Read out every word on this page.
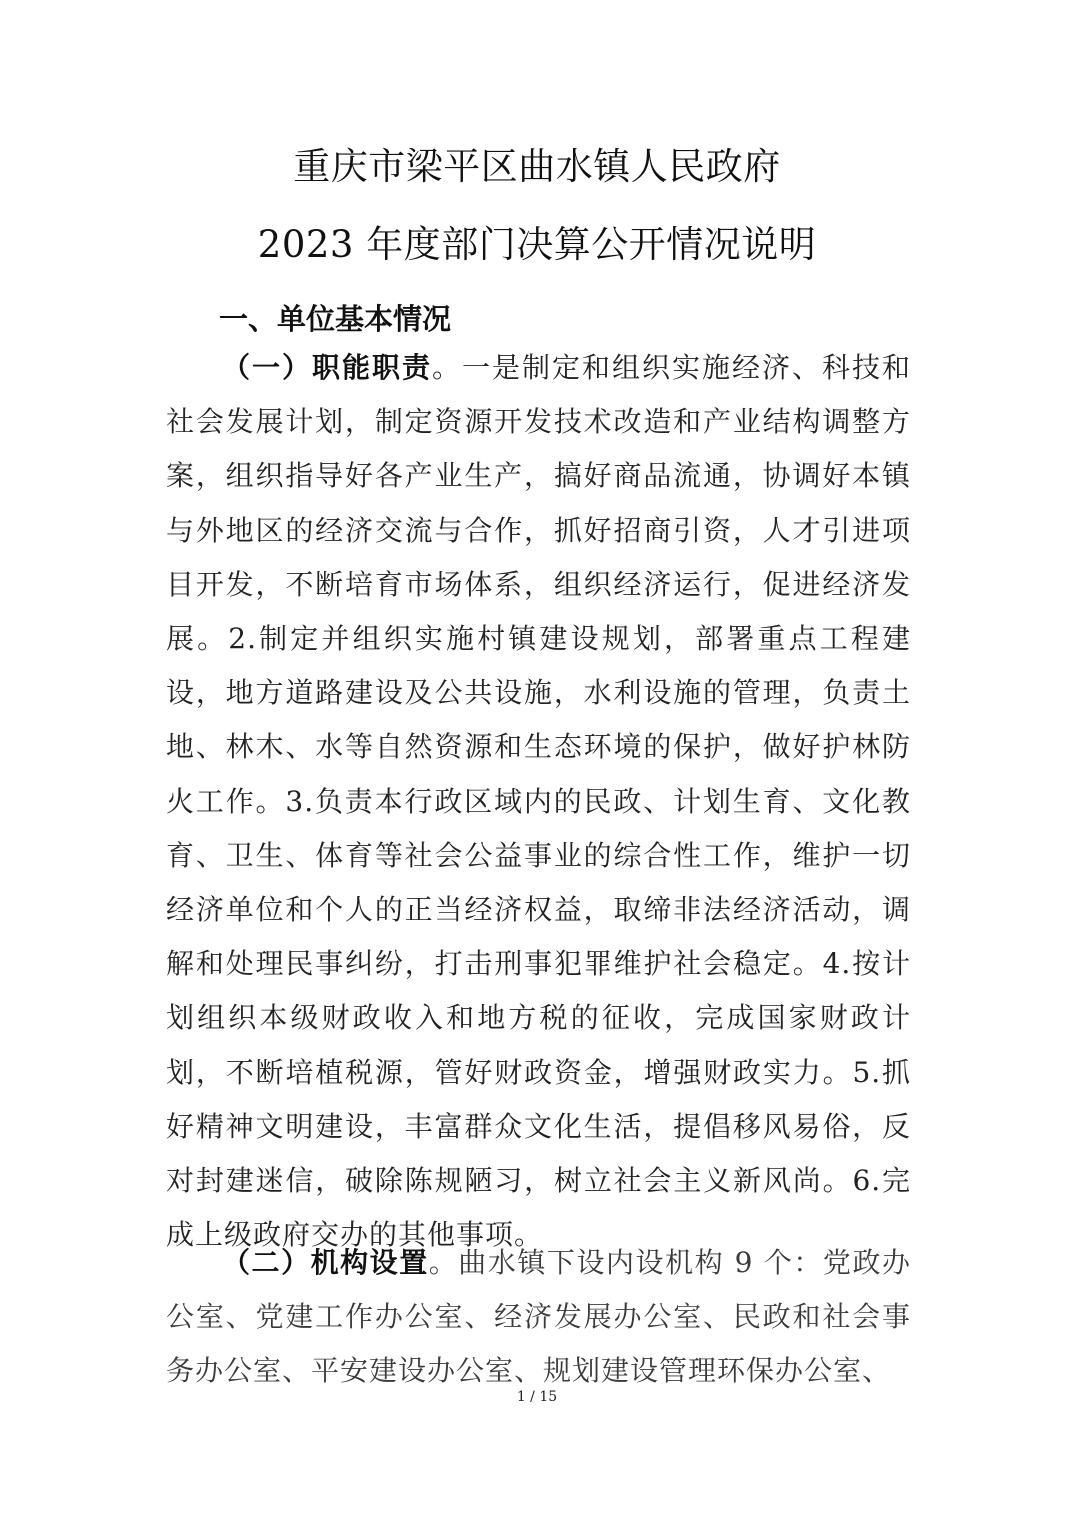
重庆市梁平区曲水镇人民政府
2023 年度部门决算公开情况说明
一、单位基本情况

（一）职能职责。一是制定和组织实施经济、科技和社会发展计划，制定资源开发技术改造和产业结构调整方案，组织指导好各产业生产，搞好商品流通，协调好本镇与外地区的经济交流与合作，抓好招商引资，人才引进项目开发，不断培育市场体系，组织经济运行，促进经济发展。2.制定并组织实施村镇建设规划，部署重点工程建设，地方道路建设及公共设施，水利设施的管理，负责土地、林木、水等自然资源和生态环境的保护，做好护林防火工作。3.负责本行政区域内的民政、计划生育、文化教育、卫生、体育等社会公益事业的综合性工作，维护一切经济单位和个人的正当经济权益，取缔非法经济活动，调解和处理民事纠纷，打击刑事犯罪维护社会稳定。4.按计划组织本级财政收入和地方税的征收，完成国家财政计划，不断培植税源，管好财政资金，增强财政实力。5.抓好精神文明建设，丰富群众文化生活，提倡移风易俗，反对封建迷信，破除陈规陋习，树立社会主义新风尚。6.完成上级政府交办的其他事项。

（二）机构设置。曲水镇下设内设机构 9 个：党政办公室、党建工作办公室、经济发展办公室、民政和社会事务办公室、平安建设办公室、规划建设管理环保办公室、

1 / 15
